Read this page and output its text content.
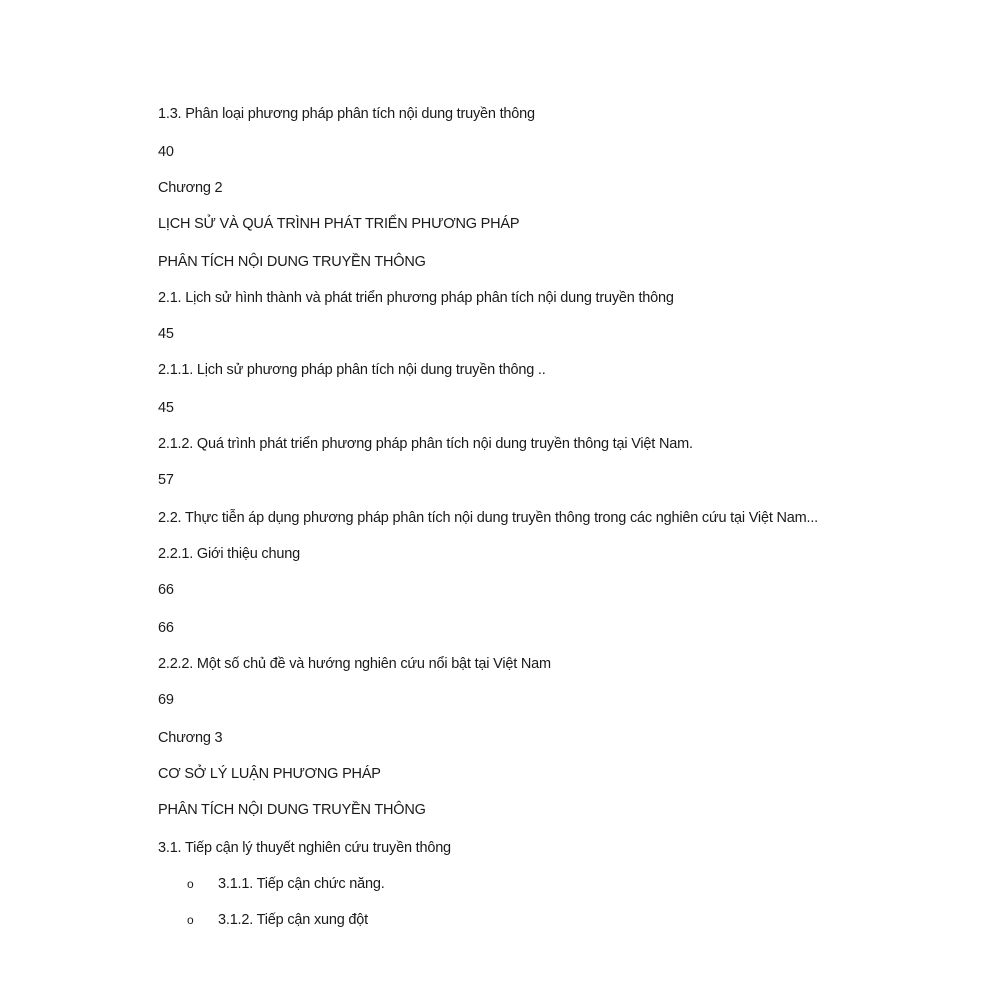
1.3. Phân loại phương pháp phân tích nội dung truyền thông
40
Chương 2
LỊCH SỬ VÀ QUÁ TRÌNH PHÁT TRIỂN PHƯƠNG PHÁP
PHÂN TÍCH NỘI DUNG TRUYỀN THÔNG
2.1. Lịch sử hình thành và phát triển phương pháp phân tích nội dung truyền thông
45
2.1.1. Lịch sử phương pháp phân tích nội dung truyền thông ..
45
2.1.2. Quá trình phát triển phương pháp phân tích nội dung truyền thông tại Việt Nam.
57
2.2. Thực tiễn áp dụng phương pháp phân tích nội dung truyền thông trong các nghiên cứu tại Việt Nam...
2.2.1. Giới thiệu chung
66
66
2.2.2. Một số chủ đề và hướng nghiên cứu nổi bật tại Việt Nam
69
Chương 3
CƠ SỞ LÝ LUẬN PHƯƠNG PHÁP
PHÂN TÍCH NỘI DUNG TRUYỀN THÔNG
3.1. Tiếp cận lý thuyết nghiên cứu truyền thông
o 3.1.1. Tiếp cận chức năng.
o 3.1.2. Tiếp cận xung đột
